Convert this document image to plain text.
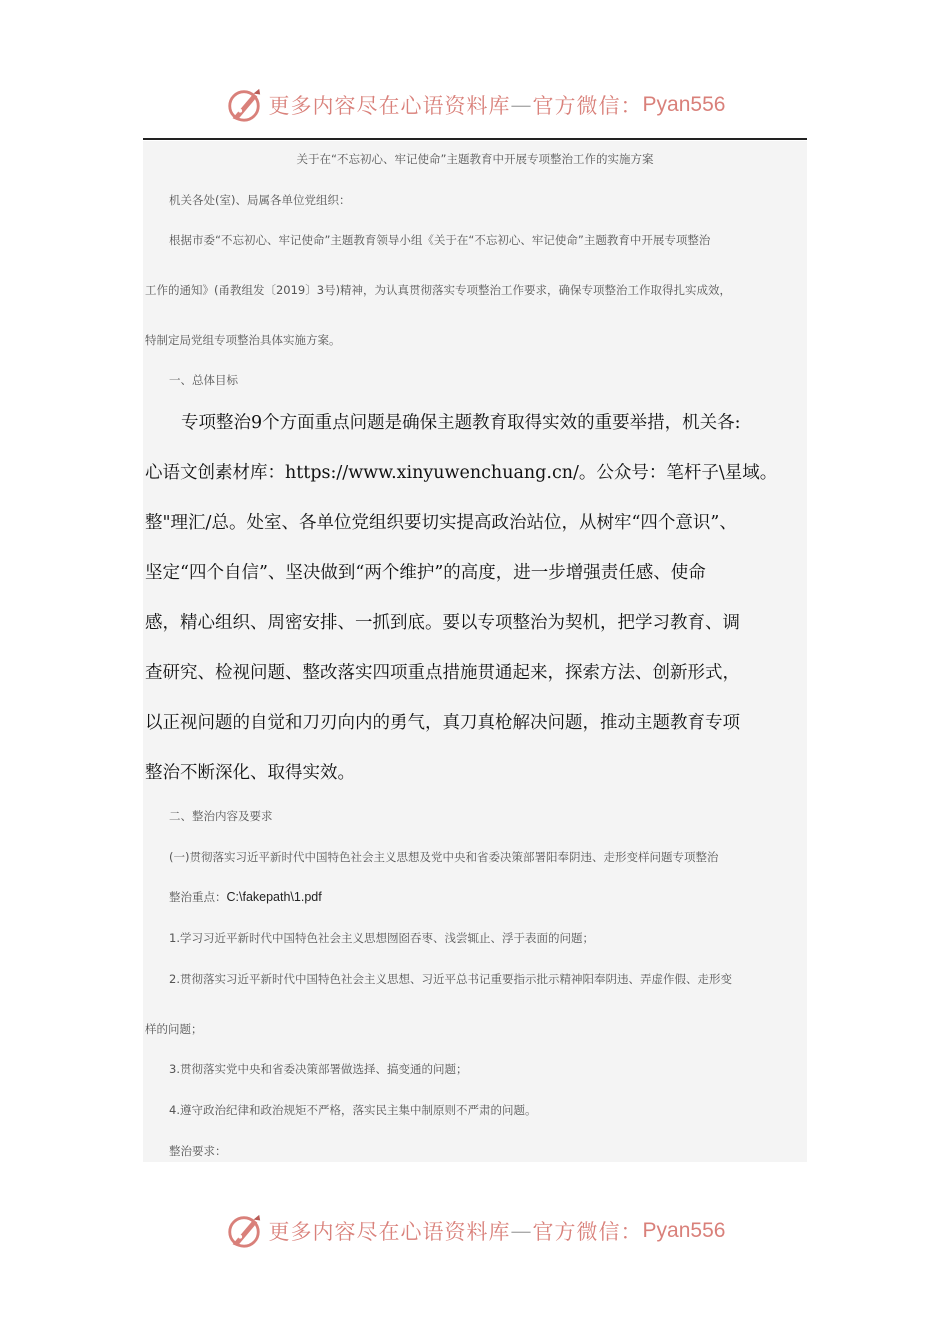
更多内容尽在心语资料库 — 官方微信： Pyan556
关于在“不忘初心、牢记使命”主题教育中开展专项整治工作的实施方案
机关各处(室)、局属各单位党组织：
根据市委“不忘初心、牢记使命”主题教育领导小组《关于在“不忘初心、牢记使命”主题教育中开展专项整治
工作的通知》(甬教组发〔2019〕3号)精神，为认真贯彻落实专项整治工作要求，确保专项整治工作取得扎实成效，
特制定局党组专项整治具体实施方案。
一、总体目标
专项整治9个方面重点问题是确保主题教育取得实效的重要举措，机关各:
心语文创素材库：https://www.xinyuwenchuang.cn/。公众号：笔杆子\星域。
整"理汇/总。处室、各单位党组织要切实提高政治站位，从树牢“四个意识”、
坚定“四个自信”、坚决做到“两个维护”的高度，进一步增强责任感、使命
感，精心组织、周密安排、一抓到底。要以专项整治为契机，把学习教育、调
查研究、检视问题、整改落实四项重点措施贯通起来，探索方法、创新形式，
以正视问题的自觉和刀刃向内的勇气，真刀真枪解决问题，推动主题教育专项
整治不断深化、取得实效。
二、整治内容及要求
(一)贯彻落实习近平新时代中国特色社会主义思想及党中央和省委决策部署阳奉阴违、走形变样问题专项整治
整治重点：C:\fakepath\1.pdf
1.学习习近平新时代中国特色社会主义思想囫囵吞枣、浅尝辄止、浮于表面的问题；
2.贯彻落实习近平新时代中国特色社会主义思想、习近平总书记重要指示批示精神阳奉阴违、弄虚作假、走形变
样的问题；
3.贯彻落实党中央和省委决策部署做选择、搞变通的问题；
4.遵守政治纪律和政治规矩不严格，落实民主集中制原则不严肃的问题。
整治要求：
更多内容尽在心语资料库 — 官方微信： Pyan556
